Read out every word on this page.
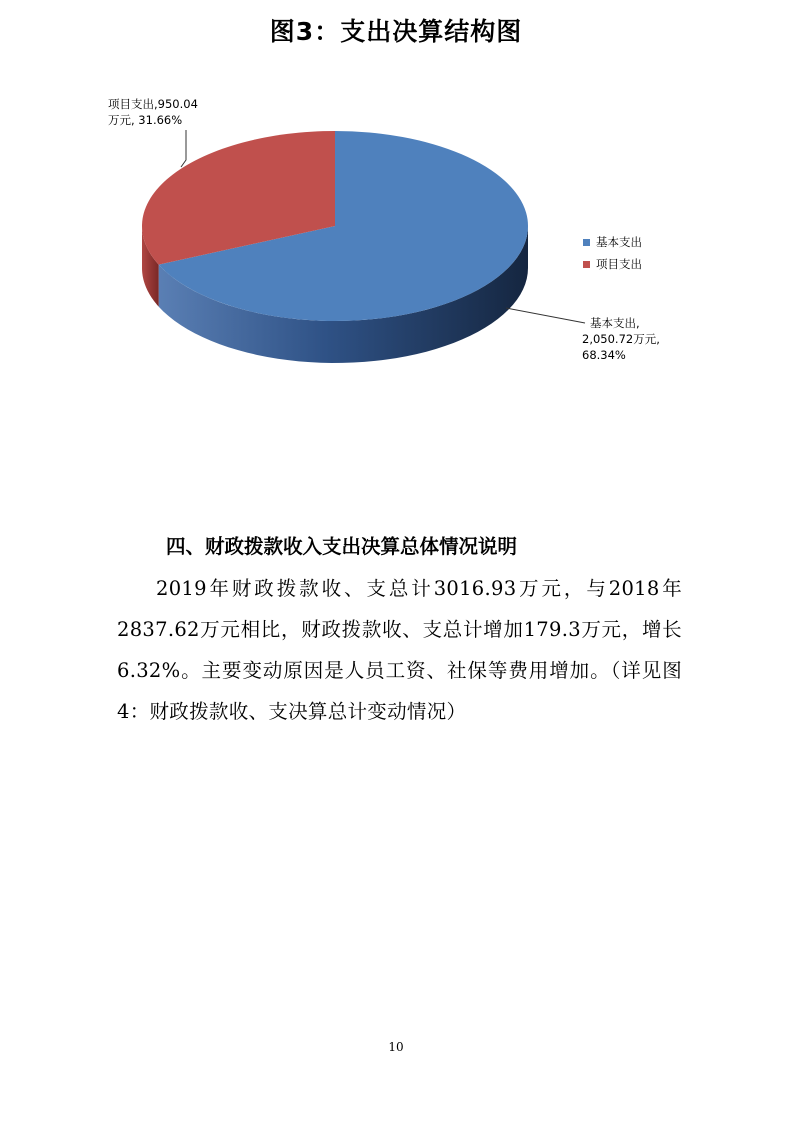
图3：支出决算结构图
基本支出,
2,050.72万元,
68.34%
项目支出,950.04
万元, 31.66%
基本支出
项目支出
四、财政拨款收入支出决算总体情况说明
2019年财政拨款收、支总计3016.93万元，与2018年2837.62万元相比，财政拨款收、支总计增加179.3万元，增长6.32%。主要变动原因是人员工资、社保等费用增加。（详见图4：财政拨款收、支决算总计变动情况）
10
